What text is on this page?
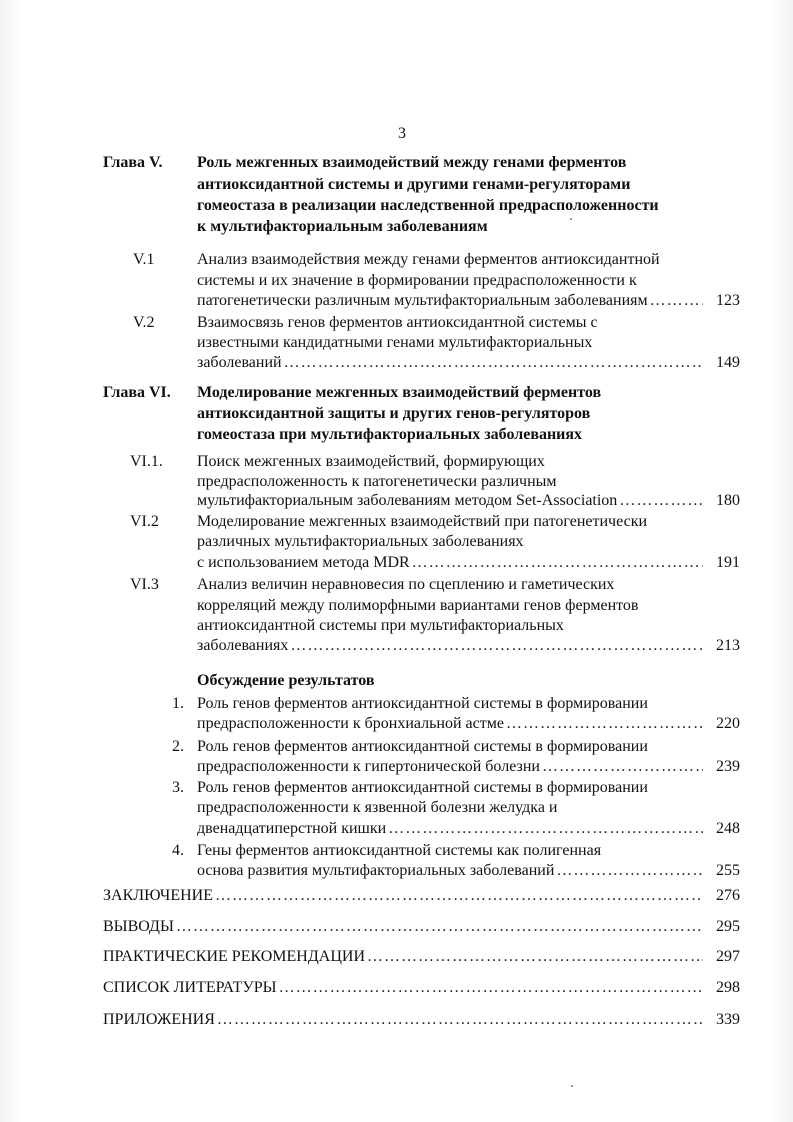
3
Глава V. Роль межгенных взаимодействий между генами ферментов
антиоксидантной системы и другими генами-регуляторами
гомеостаза в реализации наследственной предрасположенности
к мультифакториальным заболеваниям
V.1	Анализ взаимодействия между генами ферментов антиоксидантной
системы и их значение в формировании предрасположенности к
патогенетически различным мультифакториальным заболеваниям ………………………………………………………………………………………………………………………………………………………………………………	123
V.2	Взаимосвязь генов ферментов антиоксидантной системы с
известными кандидатными генами мультифакториальных
заболеваний ………………………………………………………………………………………………………………………………………………………………………………	149
Глава VI. Моделирование межгенных взаимодействий ферментов
антиоксидантной защиты и других генов-регуляторов
гомеостаза при мультифакториальных заболеваниях
VI.1. Поиск межгенных взаимодействий, формирующих
предрасположенность к патогенетически различным
мультифакториальным заболеваниям методом Set-Association ………………………………………………………………………………………………………………………………………………………………………………	180
VI.2 Моделирование межгенных взаимодействий при патогенетически
различных мультифакториальных заболеваниях
с использованием метода MDR ………………………………………………………………………………………………………………………………………………………………………………	191
VI.3 Анализ величин неравновесия по сцеплению и гаметических
корреляций между полиморфными вариантами генов ферментов
антиоксидантной системы при мультифакториальных
заболеваниях ………………………………………………………………………………………………………………………………………………………………………………	213
Обсуждение результатов
1. Роль генов ферментов антиоксидантной системы в формировании
предрасположенности к бронхиальной астме ………………………………………………………………………………………………………………………………………………………………………………	220
2. Роль генов ферментов антиоксидантной системы в формировании
предрасположенности к гипертонической болезни ………………………………………………………………………………………………………………………………………………………………………………	239
3. Роль генов ферментов антиоксидантной системы в формировании
предрасположенности к язвенной болезни желудка и
двенадцатиперстной кишки ………………………………………………………………………………………………………………………………………………………………………………	248
4. Гены ферментов антиоксидантной системы как полигенная
основа развития мультифакториальных заболеваний ………………………………………………………………………………………………………………………………………………………………………………	255
ЗАКЛЮЧЕНИЕ ………………………………………………………………………………………………………………………………………………………………………………	276
ВЫВОДЫ ………………………………………………………………………………………………………………………………………………………………………………	295
ПРАКТИЧЕСКИЕ РЕКОМЕНДАЦИИ ………………………………………………………………………………………………………………………………………………………………………………	297
СПИСОК ЛИТЕРАТУРЫ ………………………………………………………………………………………………………………………………………………………………………………	298
ПРИЛОЖЕНИЯ ………………………………………………………………………………………………………………………………………………………………………………	339
